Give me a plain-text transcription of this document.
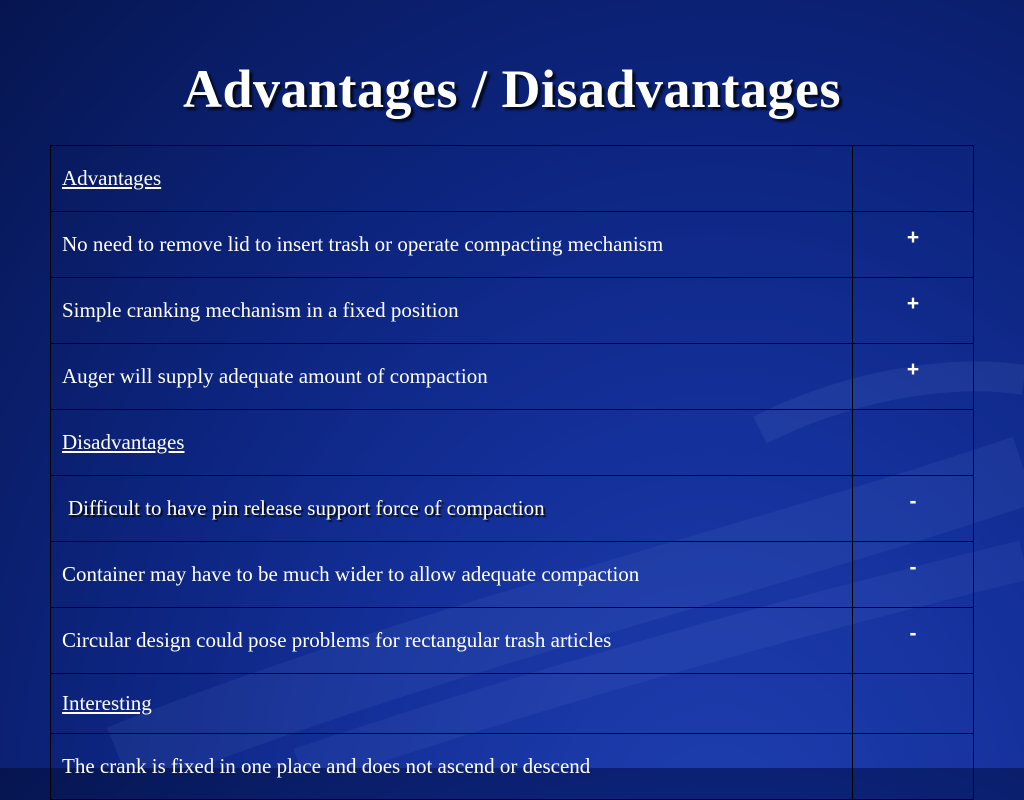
Advantages / Disadvantages
Advantages	
No need to remove lid to insert trash or operate compacting mechanism	+
Simple cranking mechanism in a fixed position	+
Auger will supply adequate amount of compaction	+
Disadvantages	
Difficult to have pin release support force of compaction	-
Container may have to be much wider to allow adequate compaction	-
Circular design could pose problems for rectangular trash articles	-
Interesting	
The crank is fixed in one place and does not ascend or descend	
